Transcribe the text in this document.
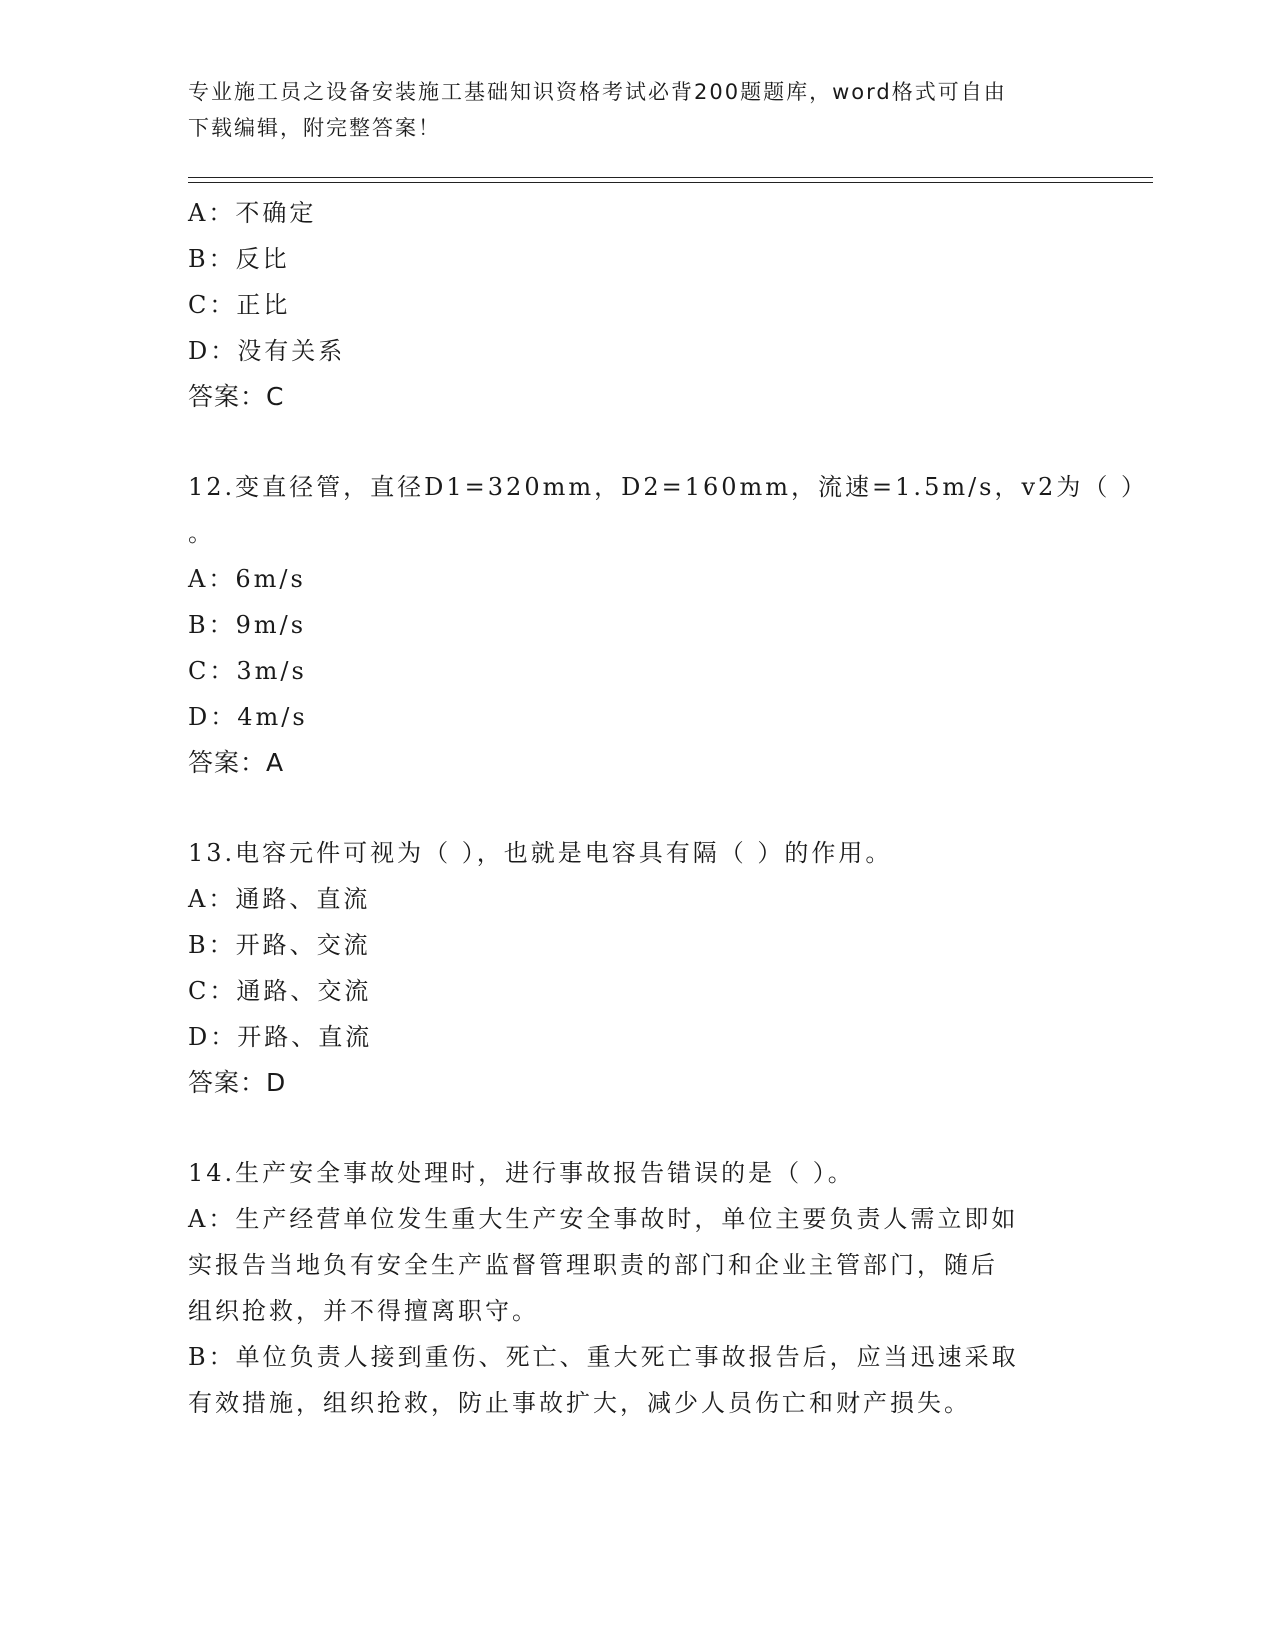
专业施工员之设备安装施工基础知识资格考试必背200题题库，word格式可自由
下载编辑，附完整答案！
A：不确定
B：反比
C：正比
D：没有关系
答案：C
12.变直径管，直径D1=320mm，D2=160mm，流速=1.5m/s，v2为（ ）
。
A：6m/s
B：9m/s
C：3m/s
D：4m/s
答案：A
13.电容元件可视为（ ），也就是电容具有隔（ ）的作用。
A：通路、直流
B：开路、交流
C：通路、交流
D：开路、直流
答案：D
14.生产安全事故处理时，进行事故报告错误的是（ ）。
A：生产经营单位发生重大生产安全事故时，单位主要负责人需立即如
实报告当地负有安全生产监督管理职责的部门和企业主管部门，随后
组织抢救，并不得擅离职守。
B：单位负责人接到重伤、死亡、重大死亡事故报告后，应当迅速采取
有效措施，组织抢救，防止事故扩大，减少人员伤亡和财产损失。
